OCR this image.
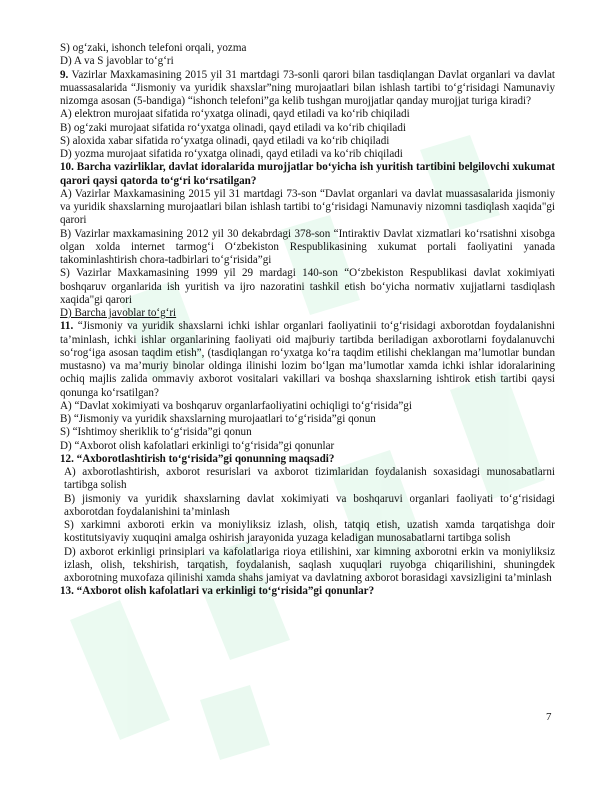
S) og‘zaki, ishonch telefoni orqali, yozma

D) A va S javoblar to‘g‘ri

9. Vazirlar Maxkamasining 2015 yil 31 martdagi 73-sonli qarori bilan tasdiqlangan Davlat organlari va davlat muassasalarida “Jismoniy va yuridik shaxslar”ning murojaatlari bilan ishlash tartibi to‘g‘risidagi Namunaviy nizomga asosan (5-bandiga) “ishonch telefoni”ga kelib tushgan murojjatlar qanday murojjat turiga kiradi?

A) elektron murojaat sifatida ro‘yxatga olinadi, qayd etiladi va ko‘rib chiqiladi

B) og‘zaki murojaat sifatida ro‘yxatga olinadi, qayd etiladi va ko‘rib chiqiladi

S) aloxida xabar sifatida ro‘yxatga olinadi, qayd etiladi va ko‘rib chiqiladi

D) yozma murojaat sifatida ro‘yxatga olinadi, qayd etiladi va ko‘rib chiqiladi

10. Barcha vazirliklar, davlat idoralarida murojjatlar bo‘yicha ish yuritish tartibini belgilovchi xukumat qarori qaysi qatorda to‘g‘ri ko‘rsatilgan?

A) Vazirlar Maxkamasining 2015 yil 31 martdagi 73-son “Davlat organlari va davlat muassasalarida jismoniy va yuridik shaxslarning murojaatlari bilan ishlash tartibi to‘g‘risidagi Namunaviy nizomni tasdiqlash xaqida"gi qarori

B) Vazirlar maxkamasining 2012 yil 30 dekabrdagi 378-son “Intiraktiv Davlat xizmatlari ko‘rsatishni xisobga olgan xolda internet tarmog‘i O‘zbekiston Respublikasining xukumat portali faoliyatini yanada takominlashtirish chora-tadbirlari to‘g‘risida”gi

S) Vazirlar Maxkamasining 1999 yil 29 mardagi 140-son “O‘zbekiston Respublikasi davlat xokimiyati boshqaruv organlarida ish yuritish va ijro nazoratini tashkil etish bo‘yicha normativ xujjatlarni tasdiqlash xaqida"gi qarori

D) Barcha javoblar to‘g‘ri

11. “Jismoniy va yuridik shaxslarni ichki ishlar organlari faoliyatinii to‘g‘risidagi axborotdan foydalanishni ta’minlash, ichki ishlar organlarining faoliyati oid majburiy tartibda beriladigan axborotlarni foydalanuvchi so‘rog‘iga asosan taqdim etish”, (tasdiqlangan ro‘yxatga ko‘ra taqdim etilishi cheklangan ma’lumotlar bundan mustasno) va ma’muriy binolar oldinga ilinishi lozim bo‘lgan ma’lumotlar xamda ichki ishlar idoralarining ochiq majlis zalida ommaviy axborot vositalari vakillari va boshqa shaxslarning ishtirok etish tartibi qaysi qonunga ko‘rsatilgan?

A) “Davlat xokimiyati va boshqaruv organlarfaoliyatini ochiqligi to‘g‘risida”gi

B) “Jismoniy va yuridik shaxslarning murojaatlari to‘g‘risida”gi qonun

S) “Ishtimoy sheriklik to‘g‘risida”gi qonun

D) “Axborot olish kafolatlari erkinligi to‘g‘risida”gi qonunlar

12. “Axborotlashtirish to‘g‘risida”gi qonunning maqsadi?

A) axborotlashtirish, axborot resurislari va axborot tizimlaridan foydalanish soxasidagi munosabatlarni tartibga solish

B) jismoniy va yuridik shaxslarning davlat xokimiyati va boshqaruvi organlari faoliyati to‘g‘risidagi axborotdan foydalanishini ta’minlash

S) xarkimni axboroti erkin va moniyliksiz izlash, olish, tatqiq etish, uzatish xamda tarqatishga doir kostitutsiyaviy xuquqini amalga oshirish jarayonida yuzaga keladigan munosabatlarni tartibga solish

D) axborot erkinligi prinsiplari va kafolatlariga rioya etilishini, xar kimning axborotni erkin va moniyliksiz izlash, olish, tekshirish, tarqatish, foydalanish, saqlash xuquqlari ruyobga chiqarilishini, shuningdek axborotning muxofaza qilinishi xamda shahs jamiyat va davlatning axborot borasidagi xavsizligini ta’minlash

13. “Axborot olish kafolatlari va erkinligi to‘g‘risida”gi qonunlar?

7
